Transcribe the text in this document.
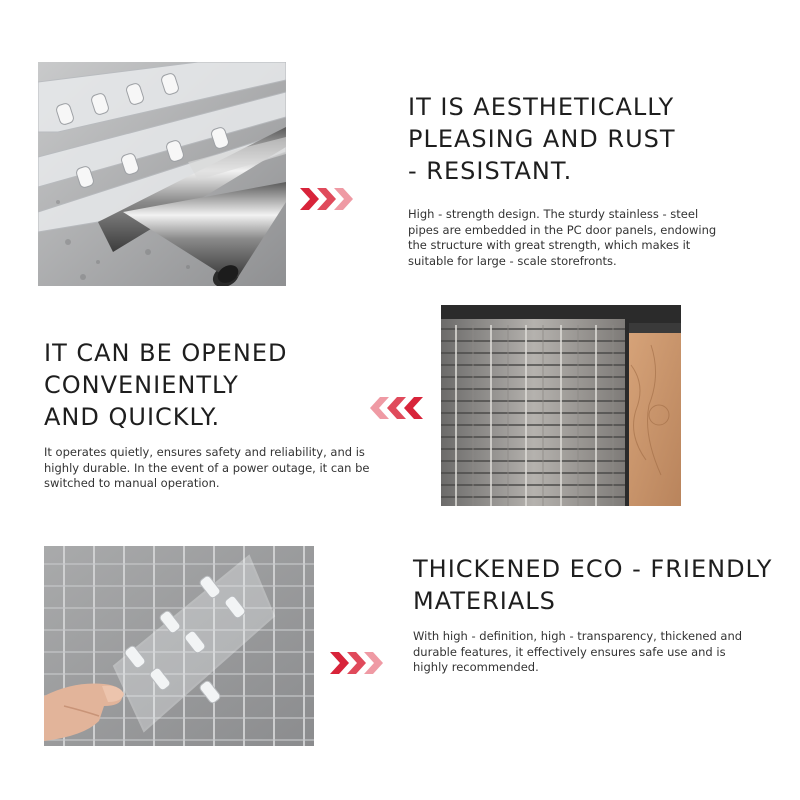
IT IS AESTHETICALLY
PLEASING AND RUST
- RESISTANT.

High - strength design. The sturdy stainless - steel pipes are embedded in the PC door panels, endowing the structure with great strength, which makes it suitable for large - scale storefronts.

IT CAN BE OPENED
CONVENIENTLY
AND QUICKLY.

It operates quietly, ensures safety and reliability, and is highly durable. In the event of a power outage, it can be switched to manual operation.

THICKENED ECO - FRIENDLY
MATERIALS

With high - definition, high - transparency, thickened and durable features, it effectively ensures safe use and is highly recommended.
